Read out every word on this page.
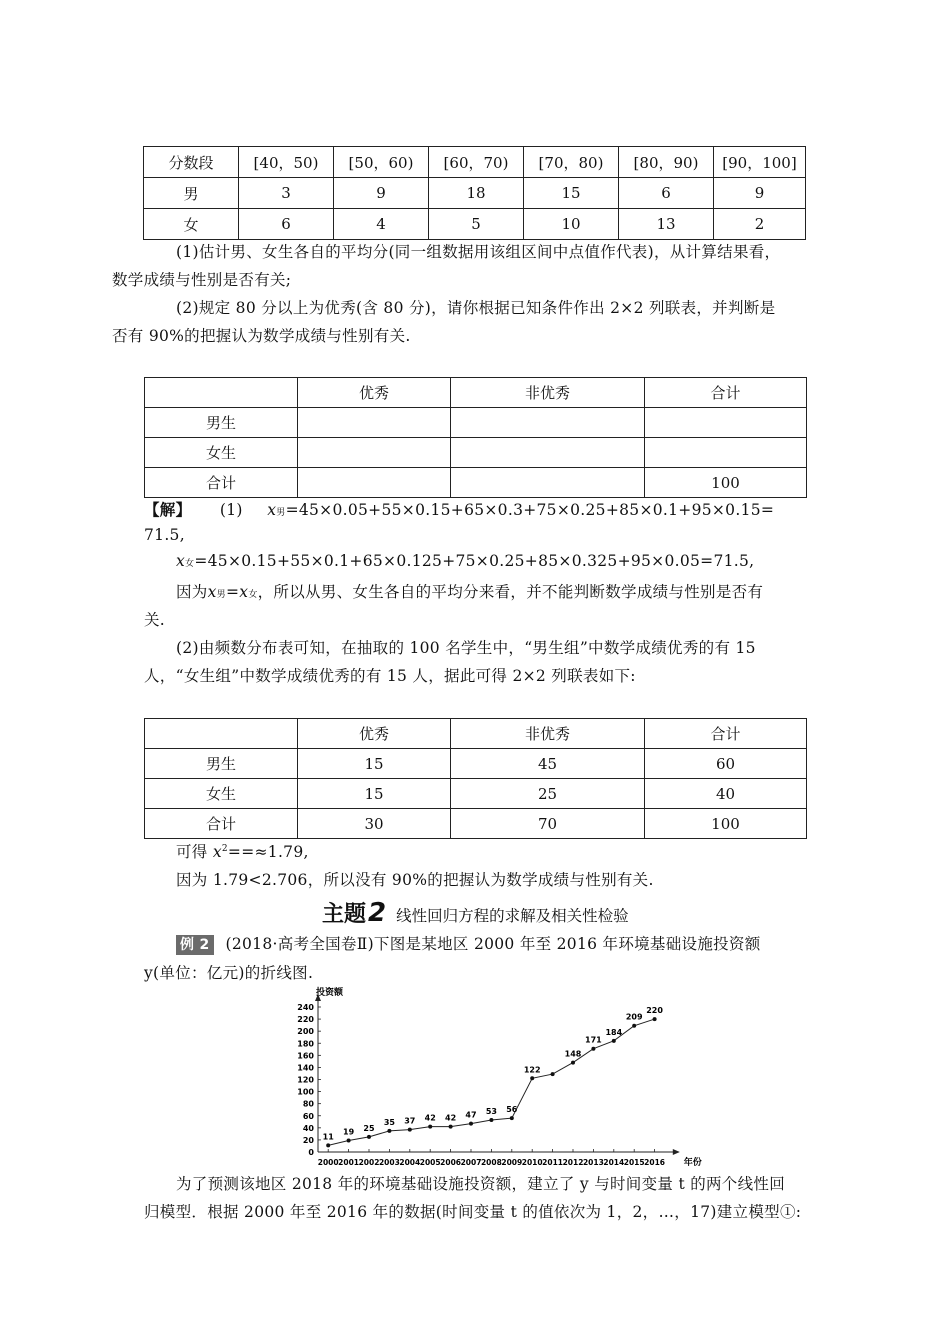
分数段	[40，50)	[50，60)	[60，70)	[70，80)	[80，90)	[90，100]
男	3	9	18	15	6	9
女	6	4	5	10	13	2
(1)估计男、女生各自的平均分(同一组数据用该组区间中点值作代表)，从计算结果看，
数学成绩与性别是否有关;
(2)规定 80 分以上为优秀(含 80 分)，请你根据已知条件作出 2×2 列联表，并判断是
否有 90%的把握认为数学成绩与性别有关.
	优秀	非优秀	合计
男生			
女生			
合计			100
【解】 (1) x男=45×0.05+55×0.15+65×0.3+75×0.25+85×0.1+95×0.15=
71.5,
x女=45×0.15+55×0.1+65×0.125+75×0.25+85×0.325+95×0.05=71.5,
因为x男=x女，所以从男、女生各自的平均分来看，并不能判断数学成绩与性别是否有
关.
(2)由频数分布表可知，在抽取的 100 名学生中，“男生组”中数学成绩优秀的有 15
人，“女生组”中数学成绩优秀的有 15 人，据此可得 2×2 列联表如下:
	优秀	非优秀	合计
男生	15	45	60
女生	15	25	40
合计	30	70	100
可得 $x^2==\approx 1.79$,
因为 1.79<2.706，所以没有 90%的把握认为数学成绩与性别有关.
主题2 线性回归方程的求解及相关性检验
例 2 (2018·高考全国卷Ⅱ)下图是某地区 2000 年至 2016 年环境基础设施投资额
y(单位：亿元)的折线图.
投资额
年份
0
20
40
60
80
100
120
140
160
180
200
220
240
2000 2001 2002 2003 2004 2005 2006 2007 2008 2009 2010 2011 2012 2013 2014 2015 2016
11
19 25
35 37 42 42 47 53 56
122
148
171
184
209
220
为了预测该地区 2018 年的环境基础设施投资额，建立了 y 与时间变量 t 的两个线性回
归模型．根据 2000 年至 2016 年的数据(时间变量 t 的值依次为 1，2，…，17)建立模型①:
